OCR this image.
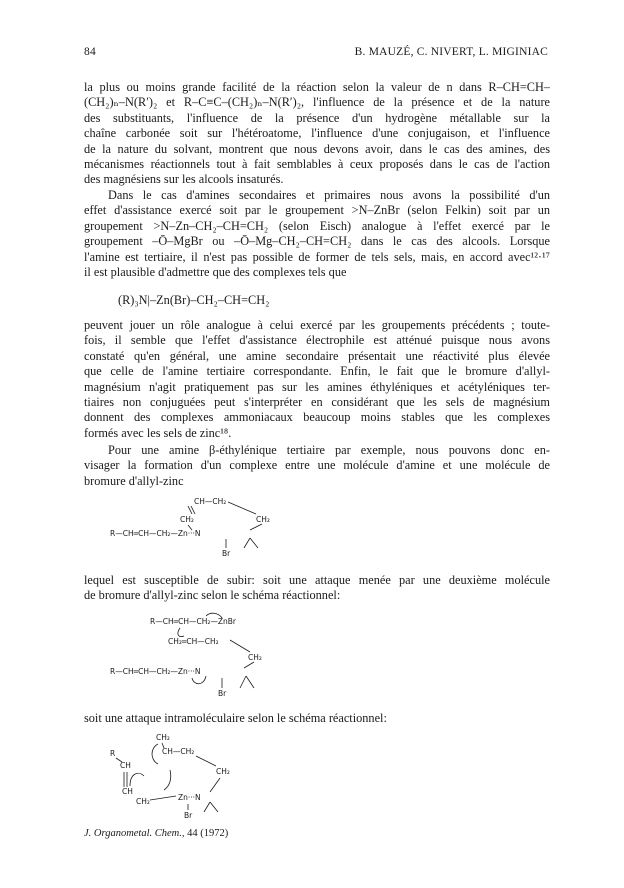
84	B. MAUZÉ, C. NIVERT, L. MIGINIAC
la plus ou moins grande facilité de la réaction selon la valeur de n dans R–CH=CH–
(CH₂)ₙ–N(R′)₂ et R–C≡C–(CH₂)ₙ–N(R′)₂, l'influence de la présence et de la nature
des substituants, l'influence de la présence d'un hydrogène métallable sur la
chaîne carbonée soit sur l'hétéroatome, l'influence d'une conjugaison, et l'influence
de la nature du solvant, montrent que nous devons avoir, dans le cas des amines, des
mécanismes réactionnels tout à fait semblables à ceux proposés dans le cas de l'action
des magnésiens sur les alcools insaturés.
Dans le cas d'amines secondaires et primaires nous avons la possibilité d'un
effet d'assistance exercé soit par le groupement >N–ZnBr (selon Felkin) soit par un
groupement >N–Zn–CH₂–CH=CH₂ (selon Eisch) analogue à l'effet exercé par le
groupement –Ō–MgBr ou –Ō–Mg–CH₂–CH=CH₂ dans le cas des alcools. Lorsque
l'amine est tertiaire, il n'est pas possible de former de tels sels, mais, en accord avec¹²·¹⁷
il est plausible d'admettre que des complexes tels que
(R)₃N|–Zn(Br)–CH₂–CH=CH₂
peuvent jouer un rôle analogue à celui exercé par les groupements précédents ; toute-
fois, il semble que l'effet d'assistance électrophile est atténué puisque nous avons
constaté qu'en général, une amine secondaire présentait une réactivité plus élevée
que celle de l'amine tertiaire correspondante. Enfin, le fait que le bromure d'allyl-
magnésium n'agit pratiquement pas sur les amines éthyléniques et acétyléniques ter-
tiaires non conjuguées peut s'interpréter en considérant que les sels de magnésium
donnent des complexes ammoniacaux beaucoup moins stables que les complexes
formés avec les sels de zinc¹⁸.
Pour une amine β-éthylénique tertiaire par exemple, nous pouvons donc en-
visager la formation d'un complexe entre une molécule d'amine et une molécule de
bromure d'allyl-zinc
CH—CH₂
CH₂	CH₂
R—CH═CH—CH₂—Zn···N
Br
lequel est susceptible de subir: soit une attaque menée par une deuxième molécule
de bromure d'allyl-zinc selon le schéma réactionnel:
R—CH═CH—CH₂—ZnBr
CH₂═CH—CH₂
CH₂
R—CH═CH—CH₂—Zn···N
Br
soit une attaque intramoléculaire selon le schéma réactionnel:
CH₂
R	CH—CH₂
CH
CH₂
CH
CH₂	Zn···N
Br
J. Organometal. Chem., 44 (1972)
